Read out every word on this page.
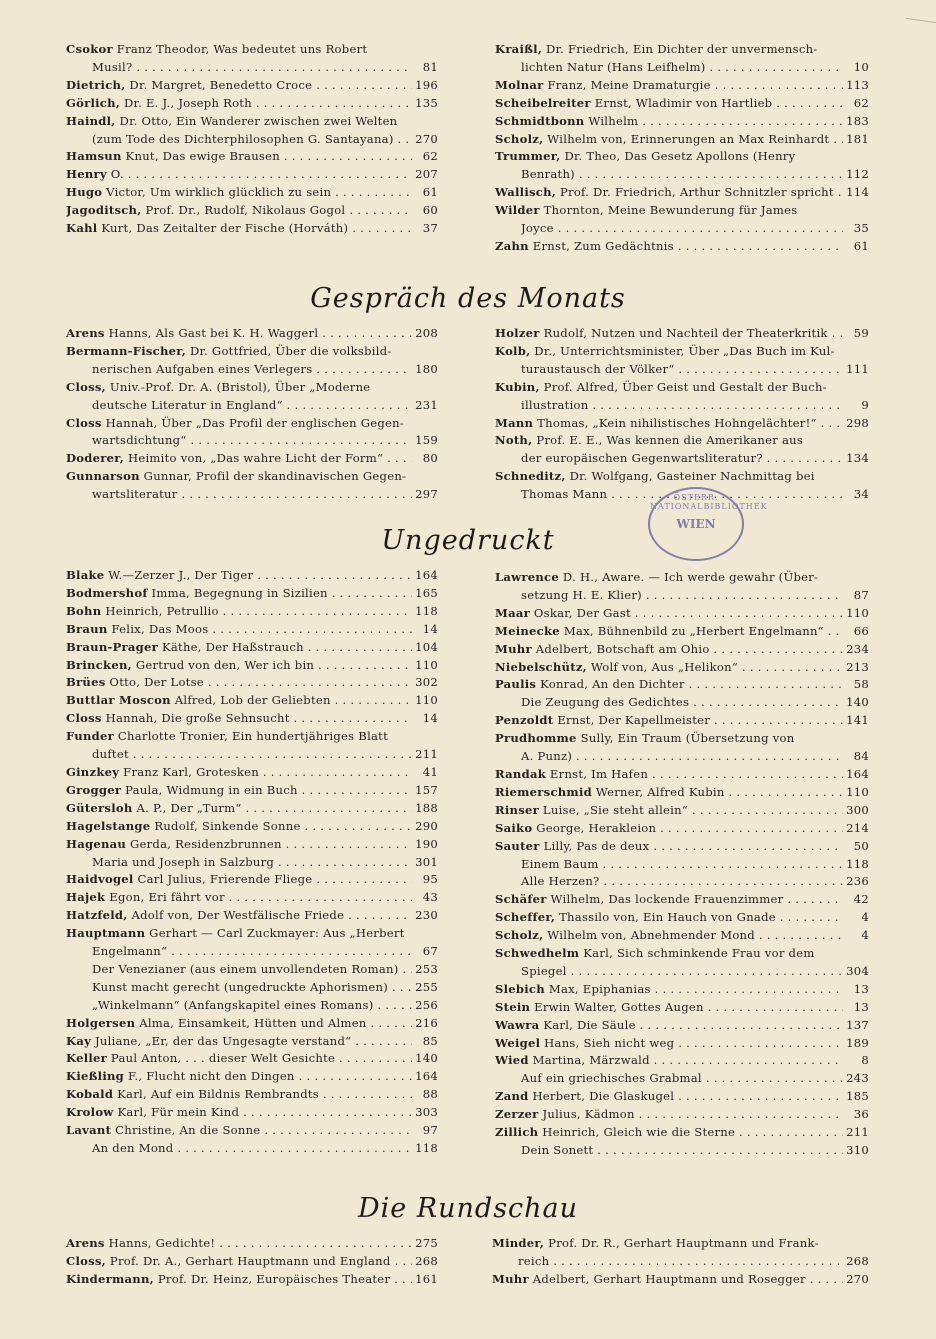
Csokor Franz Theodor, Was bedeutet uns Robert
Musil? . . .	81
Dietrich, Dr. Margret, Benedetto Croce . . .	196
Görlich, Dr. E. J., Joseph Roth . . .	135
Haindl, Dr. Otto, Ein Wanderer zwischen zwei Welten
(zum Tode des Dichterphilosophen G. Santayana) . . .	270
Hamsun Knut, Das ewige Brausen . . .	62
Henry O. . . .	207
Hugo Victor, Um wirklich glücklich zu sein . . .	61
Jagoditsch, Prof. Dr., Rudolf, Nikolaus Gogol . . .	60
Kahl Kurt, Das Zeitalter der Fische (Horváth) . . .	37
Kraißl, Dr. Friedrich, Ein Dichter der unvermensch-
lichten Natur (Hans Leifhelm) . . .	10
Molnar Franz, Meine Dramaturgie . . .	113
Scheibelreiter Ernst, Wladimir von Hartlieb . . .	62
Schmidtbonn Wilhelm . . .	183
Scholz, Wilhelm von, Erinnerungen an Max Reinhardt . . .	181
Trummer, Dr. Theo, Das Gesetz Apollons (Henry
Benrath) . . .	112
Wallisch, Prof. Dr. Friedrich, Arthur Schnitzler spricht . . .	114
Wilder Thornton, Meine Bewunderung für James
Joyce . . .	35
Zahn Ernst, Zum Gedächtnis . . .	61
Gespräch des Monats
Arens Hanns, Als Gast bei K. H. Waggerl . . .	208
Bermann-Fischer, Dr. Gottfried, Über die volksbild-
nerischen Aufgaben eines Verlegers . . .	180
Closs, Univ.-Prof. Dr. A. (Bristol), Über „Moderne
deutsche Literatur in England“ . . .	231
Closs Hannah, Über „Das Profil der englischen Gegen-
wartsdichtung“ . . .	159
Doderer, Heimito von, „Das wahre Licht der Form“ . . .	80
Gunnarson Gunnar, Profil der skandinavischen Gegen-
wartsliteratur . . .	297
Holzer Rudolf, Nutzen und Nachteil der Theaterkritik . . .	59
Kolb, Dr., Unterrichtsminister, Über „Das Buch im Kul-
turaustausch der Völker“ . . .	111
Kubin, Prof. Alfred, Über Geist und Gestalt der Buch-
illustration . . .	9
Mann Thomas, „Kein nihilistisches Hohngelächter!“ . . .	298
Noth, Prof. E. E., Was kennen die Amerikaner aus
der europäischen Gegenwartsliteratur? . . .	134
Schneditz, Dr. Wolfgang, Gasteiner Nachmittag bei
Thomas Mann . . .	34
ÖSTERR. NATIONALBIBLIOTHEK
WIEN
Ungedruckt
Blake W.—Zerzer J., Der Tiger . . .	164
Bodmershof Imma, Begegnung in Sizilien . . .	165
Bohn Heinrich, Petrullio . . .	118
Braun Felix, Das Moos . . .	14
Braun-Prager Käthe, Der Haßstrauch . . .	104
Brincken, Gertrud von den, Wer ich bin . . .	110
Brües Otto, Der Lotse . . .	302
Buttlar Moscon Alfred, Lob der Geliebten . . .	110
Closs Hannah, Die große Sehnsucht . . .	14
Funder Charlotte Tronier, Ein hundertjähriges Blatt
duftet . . .	211
Ginzkey Franz Karl, Grotesken . . .	41
Grogger Paula, Widmung in ein Buch . . .	157
Gütersloh A. P., Der „Turm“ . . .	188
Hagelstange Rudolf, Sinkende Sonne . . .	290
Hagenau Gerda, Residenzbrunnen . . .	190
Maria und Joseph in Salzburg . . .	301
Haidvogel Carl Julius, Frierende Fliege . . .	95
Hajek Egon, Eri fährt vor . . .	43
Hatzfeld, Adolf von, Der Westfälische Friede . . .	230
Hauptmann Gerhart — Carl Zuckmayer: Aus „Herbert
Engelmann“ . . .	67
Der Venezianer (aus einem unvollendeten Roman) . . .	253
Kunst macht gerecht (ungedruckte Aphorismen) . . .	255
„Winkelmann“ (Anfangskapitel eines Romans) . . .	256
Holgersen Alma, Einsamkeit, Hütten und Almen . . .	216
Kay Juliane, „Er, der das Ungesagte verstand“ . . .	85
Keller Paul Anton, . . . dieser Welt Gesichte . . .	140
Kießling F., Flucht nicht den Dingen . . .	164
Kobald Karl, Auf ein Bildnis Rembrandts . . .	88
Krolow Karl, Für mein Kind . . .	303
Lavant Christine, An die Sonne . . .	97
An den Mond . . .	118
Lawrence D. H., Aware. — Ich werde gewahr (Über-
setzung H. E. Klier) . . .	87
Maar Oskar, Der Gast . . .	110
Meinecke Max, Bühnenbild zu „Herbert Engelmann“ . . .	66
Muhr Adelbert, Botschaft am Ohio . . .	234
Niebelschütz, Wolf von, Aus „Helikon“ . . .	213
Paulis Konrad, An den Dichter . . .	58
Die Zeugung des Gedichtes . . .	140
Penzoldt Ernst, Der Kapellmeister . . .	141
Prudhomme Sully, Ein Traum (Übersetzung von
A. Punz) . . .	84
Randak Ernst, Im Hafen . . .	164
Riemerschmid Werner, Alfred Kubin . . .	110
Rinser Luise, „Sie steht allein“ . . .	300
Saiko George, Herakleion . . .	214
Sauter Lilly, Pas de deux . . .	50
Einem Baum . . .	118
Alle Herzen? . . .	236
Schäfer Wilhelm, Das lockende Frauenzimmer . . .	42
Scheffer, Thassilo von, Ein Hauch von Gnade . . .	4
Scholz, Wilhelm von, Abnehmender Mond . . .	4
Schwedhelm Karl, Sich schminkende Frau vor dem
Spiegel . . .	304
Slebich Max, Epiphanias . . .	13
Stein Erwin Walter, Gottes Augen . . .	13
Wawra Karl, Die Säule . . .	137
Weigel Hans, Sieh nicht weg . . .	189
Wied Martina, Märzwald . . .	8
Auf ein griechisches Grabmal . . .	243
Zand Herbert, Die Glaskugel . . .	185
Zerzer Julius, Kädmon . . .	36
Zillich Heinrich, Gleich wie die Sterne . . .	211
Dein Sonett . . .	310
Die Rundschau
Arens Hanns, Gedichte! . . .	275
Closs, Prof. Dr. A., Gerhart Hauptmann und England . . .	268
Kindermann, Prof. Dr. Heinz, Europäisches Theater . . .	161
Minder, Prof. Dr. R., Gerhart Hauptmann und Frank-
reich . . .	268
Muhr Adelbert, Gerhart Hauptmann und Rosegger . . .	270
